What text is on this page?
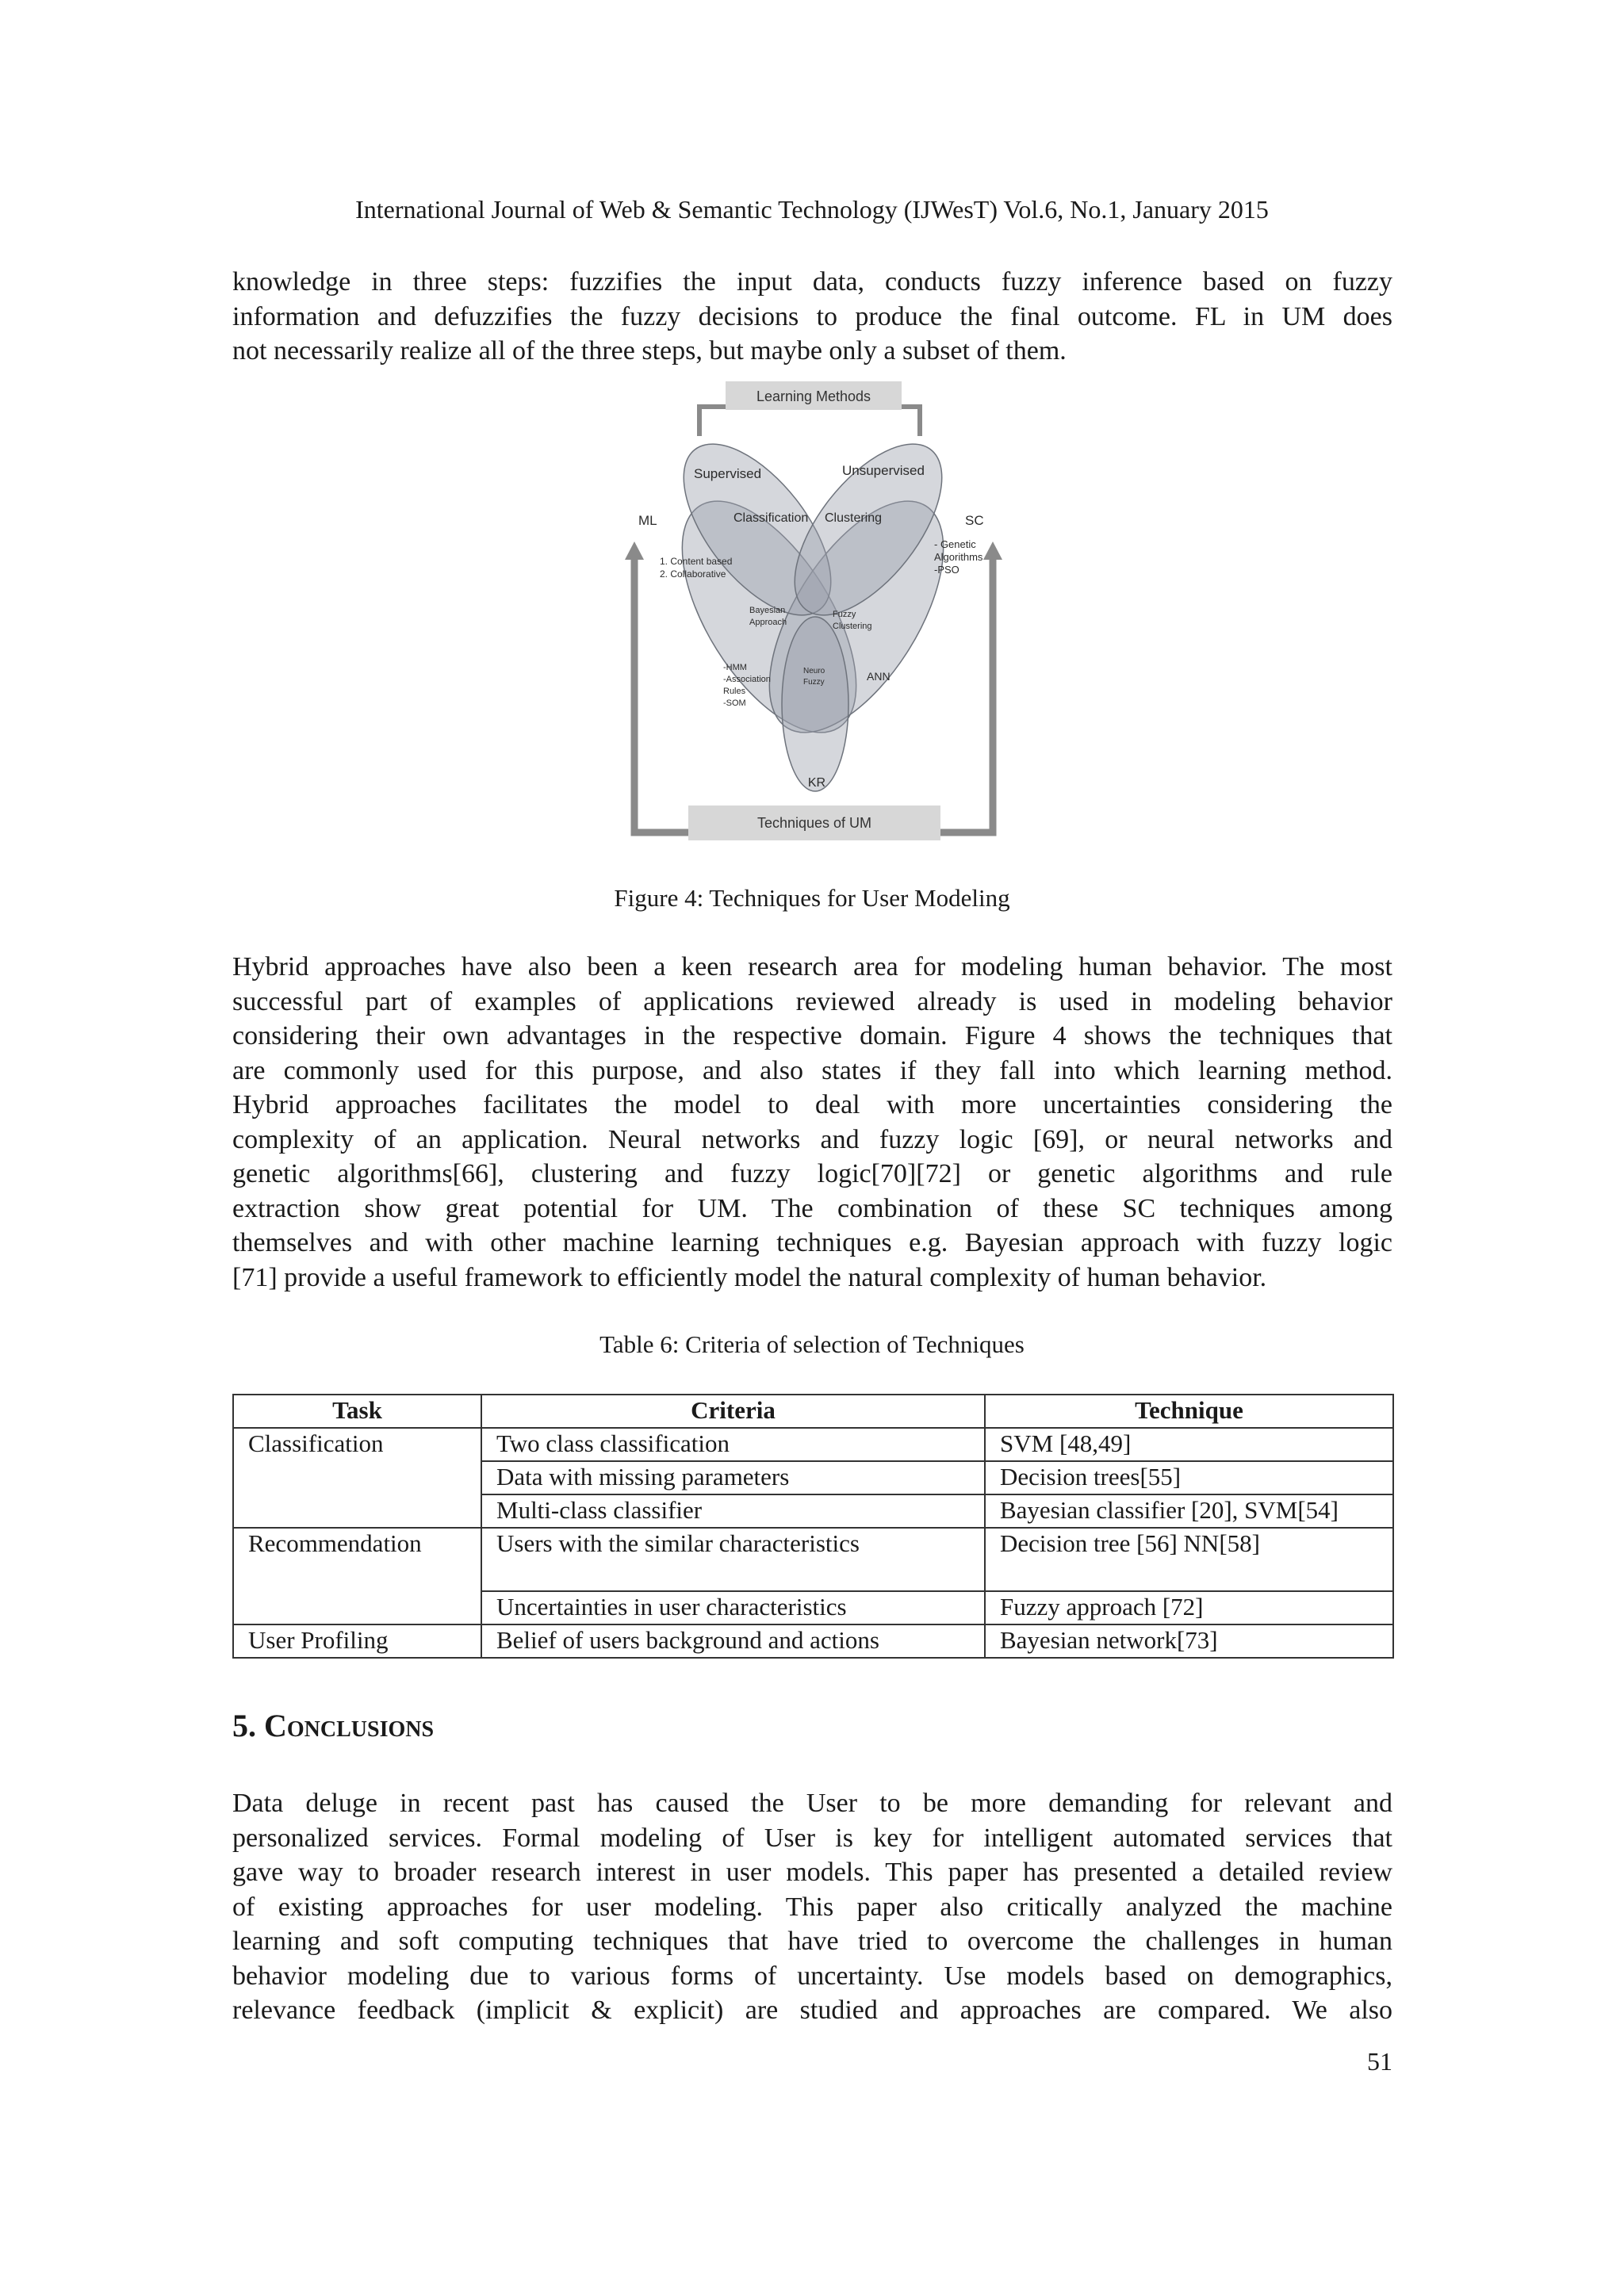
International Journal of Web & Semantic Technology (IJWesT) Vol.6, No.1, January 2015

knowledge in three steps: fuzzifies the input data, conducts fuzzy inference based on fuzzy
information and defuzzifies the fuzzy decisions to produce the final outcome. FL in UM does
not necessarily realize all of the three steps, but maybe only a subset of them.

Learning Methods
Techniques of UM
Supervised	Unsupervised
ML	SC
Classification Clustering
1. Content based
2. Collaborative
- Genetic
Algorithms
-PSO
Bayesian
Approach
Fuzzy
Clustering
-HMM
-Association
Rules
-SOM
Neuro
Fuzzy	ANN
KR
Figure 4: Techniques for User Modeling

Hybrid approaches have also been a keen research area for modeling human behavior. The most
successful part of examples of applications reviewed already is used in modeling behavior
considering their own advantages in the respective domain. Figure 4 shows the techniques that
are commonly used for this purpose, and also states if they fall into which learning method.
Hybrid approaches facilitates the model to deal with more uncertainties considering the
complexity of an application. Neural networks and fuzzy logic [69], or neural networks and
genetic algorithms[66], clustering and fuzzy logic[70][72] or genetic algorithms and rule
extraction show great potential for UM. The combination of these SC techniques among
themselves and with other machine learning techniques e.g. Bayesian approach with fuzzy logic
[71] provide a useful framework to efficiently model the natural complexity of human behavior.

Table 6: Criteria of selection of Techniques
Task	Criteria	Technique
Classification	Two class classification	SVM [48,49]
	Data with missing parameters	Decision trees[55]
	Multi-class classifier	Bayesian classifier [20], SVM[54]
Recommendation	Users with the similar characteristics	Decision tree [56] NN[58]
	Uncertainties in user characteristics	Fuzzy approach [72]
User Profiling	Belief of users background and actions	Bayesian network[73]
5. Conclusions

Data deluge in recent past has caused the User to be more demanding for relevant and
personalized services. Formal modeling of User is key for intelligent automated services that
gave way to broader research interest in user models. This paper has presented a detailed review
of existing approaches for user modeling. This paper also critically analyzed the machine
learning and soft computing techniques that have tried to overcome the challenges in human
behavior modeling due to various forms of uncertainty. Use models based on demographics,
relevance feedback (implicit & explicit) are studied and approaches are compared. We also

51
